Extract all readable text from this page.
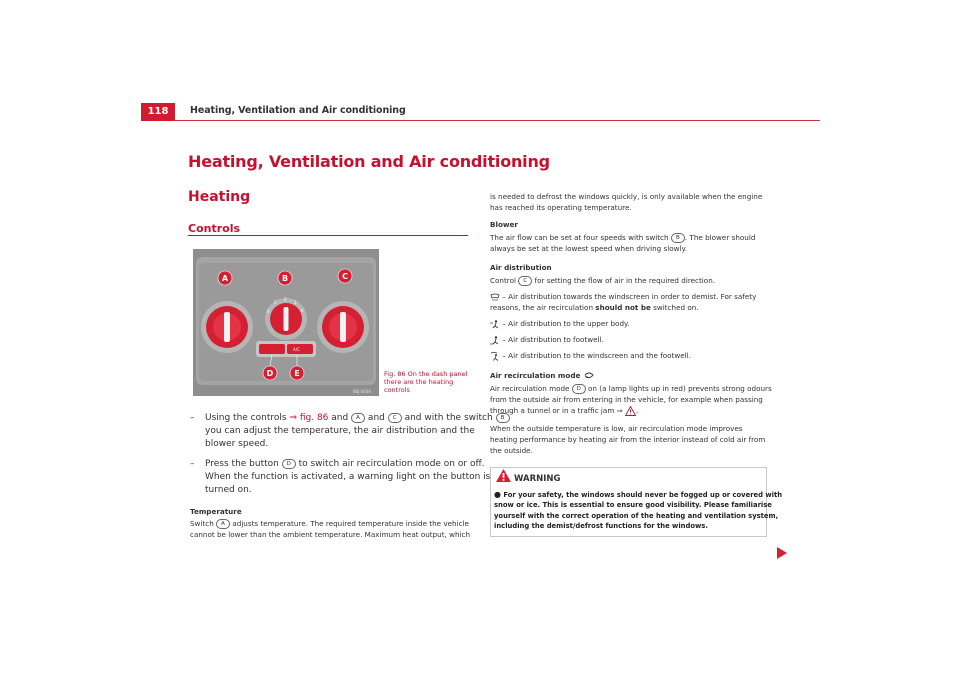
118	Heating, Ventilation and Air conditioning
Heating, Ventilation and Air conditioning
Heating
Controls
0
1
2
3
4
A/C
A	B	C
D	E
B6J-0036
Fig. 86 On the dash panel there are the heating controls
– Using the controls ⇒ fig. 86 and A and C and with the switch B
you can adjust the temperature, the air distribution and the
blower speed.
– Press the button D to switch air recirculation mode on or off.
When the function is activated, a warning light on the button is
turned on.
Temperature
Switch A adjusts temperature. The required temperature inside the vehicle
cannot be lower than the ambient temperature. Maximum heat output, which
is needed to defrost the windows quickly, is only available when the engine
has reached its operating temperature.
Blower
The air flow can be set at four speeds with switch B . The blower should
always be set at the lowest speed when driving slowly.
Air distribution
Control C for setting the flow of air in the required direction.
– Air distribution towards the windscreen in order to demist. For safety
reasons, the air recirculation should not be switched on.
– Air distribution to the upper body.
– Air distribution to footwell.
– Air distribution to the windscreen and the footwell.
Air recirculation mode
Air recirculation mode D on (a lamp lights up in red) prevents strong odours
from the outside air from entering in the vehicle, for example when passing
through a tunnel or in a traffic jam ⇒ .
When the outside temperature is low, air recirculation mode improves
heating performance by heating air from the interior instead of cold air from
the outside.
WARNING
● For your safety, the windows should never be fogged up or covered with
snow or ice. This is essential to ensure good visibility. Please familiarise
yourself with the correct operation of the heating and ventilation system,
including the demist/defrost functions for the windows.
